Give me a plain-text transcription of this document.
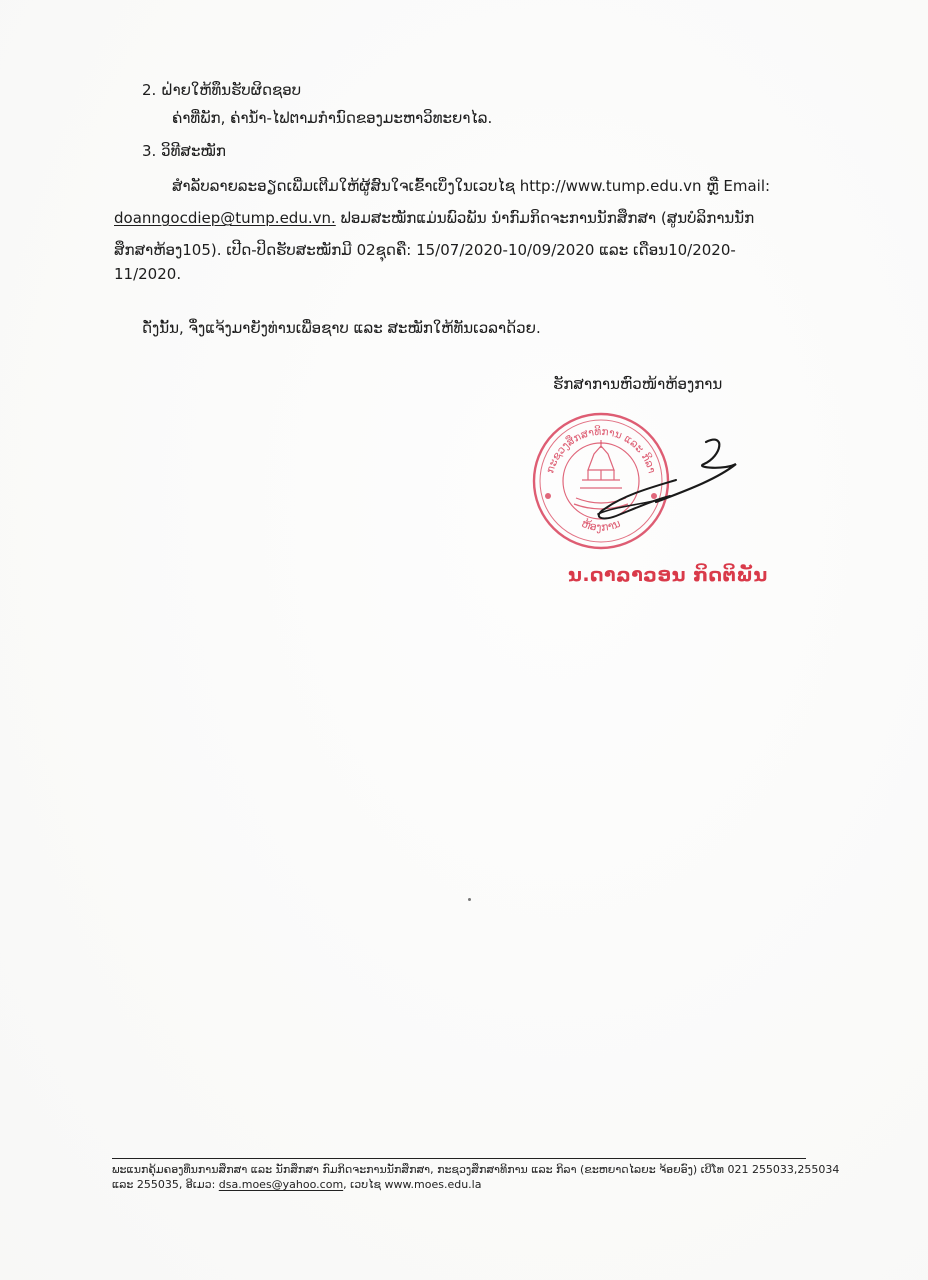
2. ຝ່າຍໃຫ້ທຶນຮັບຜິດຊອບ
ຄ່າທີ່ພັກ, ຄ່ານ້ຳ-ໄຟຕາມກຳນົດຂອງມະຫາວິທະຍາໄລ.
3. ວິທີສະໝັກ
ສຳລັບລາຍລະອຽດເພີ່ມເຕີມໃຫ້ຜູ້ສົນໃຈເຂົ້າເບິ່ງໃນເວບໄຊ http://www.tump.edu.vn ຫຼື Email:
doanngocdiep@tump.edu.vn. ຟອມສະໝັກແມ່ນພົວພັນ ນຳກົມກິດຈະການນັກສຶກສາ (ສູນບໍລິການນັກ
ສຶກສາຫ້ອງ105). ເປີດ-ປິດຮັບສະໝັກມີ 02ຊຸດຄື: 15/07/2020-10/09/2020 ແລະ ເດືອນ10/2020-
11/2020.
ດັ່ງນັ້ນ, ຈຶ່ງແຈ້ງມາຍັງທ່ານເພື່ອຊາບ ແລະ ສະໝັກໃຫ້ທັນເວລາດ້ວຍ.
ຮັກສາການຫົວໜ້າຫ້ອງການ
ກະຊວງສຶກສາທິການ ແລະ ກິລາ
ຫ້ອງການ
ນ.ດາລາວອນ ກິດຕິພັນ
ພະແນກຄຸ້ມຄອງທຶນການສຶກສາ ແລະ ນັກສຶກສາ ກົມກິດຈະການນັກສຶກສາ, ກະຊວງສຶກສາທິການ ແລະ ກິລາ (ຂະຫຍາດໄລຍະ ຈ້ອຍອົງ) ເບີໂທ 021 255033,255034
ແລະ 255035, ອີເມວ: dsa.moes@yahoo.com, ເວບໄຊ www.moes.edu.la
